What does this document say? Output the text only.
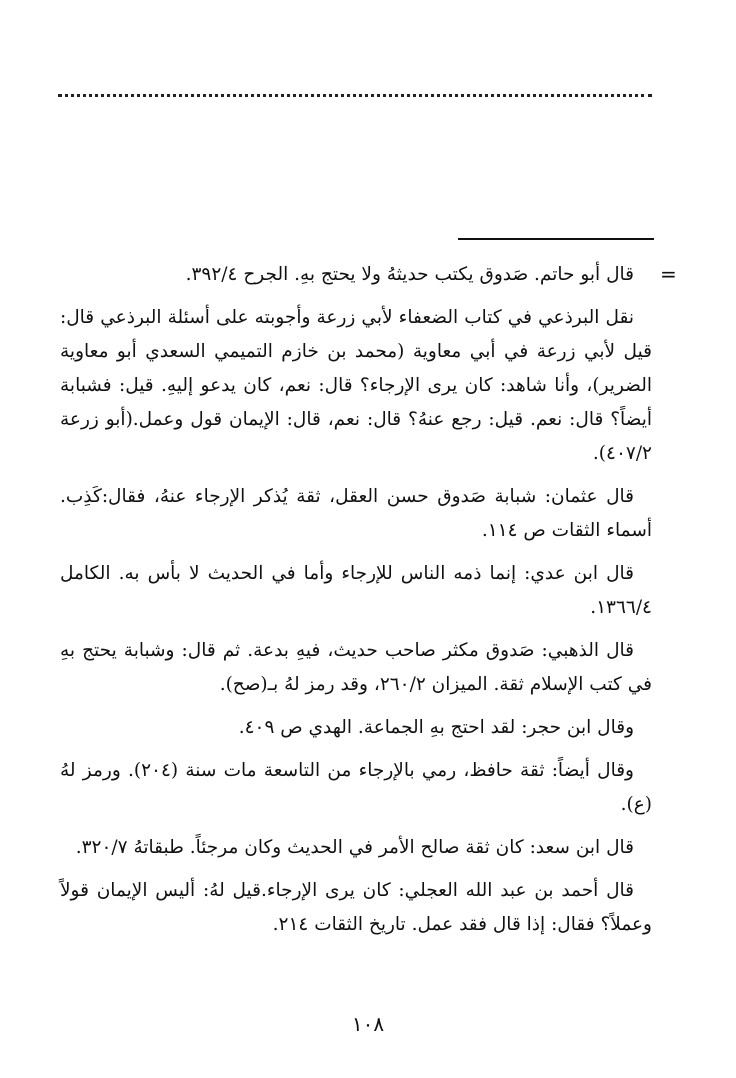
=

قال أبو حاتم. صَدوق يكتب حديثهُ ولا يحتج بهِ. الجرح ٣٩٢/٤.

نقل البرذعي في كتاب الضعفاء لأبي زرعة وأجوبته على أسئلة البرذعي قال: قيل لأبي زرعة في أبي معاوية (محمد بن خازم التميمي السعدي أبو معاوية الضرير)، وأنا شاهد: كان يرى الإرجاء؟ قال: نعم، كان يدعو إليهِ. قيل: فشبابة أيضاً؟ قال: نعم. قيل: رجع عنهُ؟ قال: نعم، قال: الإيمان قول وعمل.(أبو زرعة ٤٠٧/٢).

قال عثمان: شبابة صَدوق حسن العقل، ثقة يُذكر الإرجاء عنهُ، فقال:كَذِب. أسماء الثقات ص ١١٤.

قال ابن عدي: إنما ذمه الناس للإرجاء وأما في الحديث لا بأس به. الكامل ١٣٦٦/٤.

قال الذهبي: صَدوق مكثر صاحب حديث، فيهِ بدعة. ثم قال: وشبابة يحتج بهِ في كتب الإسلام ثقة. الميزان ٢٦٠/٢، وقد رمز لهُ بـ(صح).

وقال ابن حجر: لقد احتج بهِ الجماعة. الهدي ص ٤٠٩.

وقال أيضاً: ثقة حافظ، رمي بالإرجاء من التاسعة مات سنة (٢٠٤). ورمز لهُ (ع).

قال ابن سعد: كان ثقة صالح الأمر في الحديث وكان مرجئاً. طبقاتهُ ٣٢٠/٧.

قال أحمد بن عبد الله العجلي: كان يرى الإرجاء.قيل لهُ: أليس الإيمان قولاً وعملاً؟ فقال: إذا قال فقد عمل. تاريخ الثقات ٢١٤.

١٠٨
